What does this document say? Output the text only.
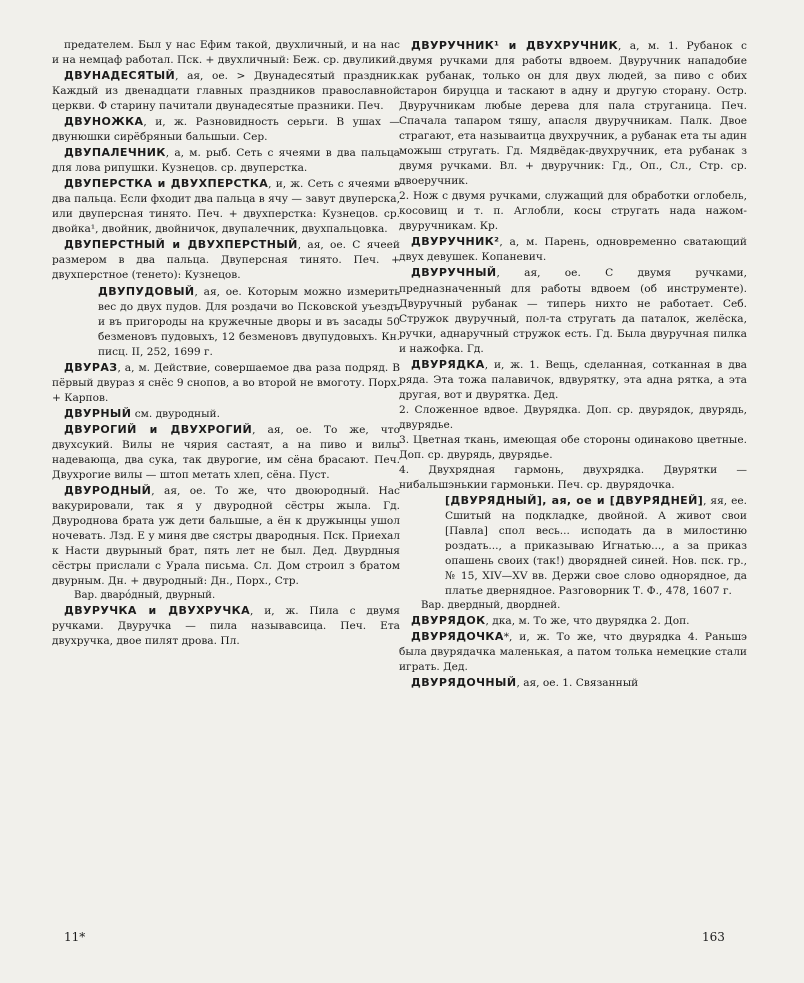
предателем. Был у нас Ефим такой, двухличный, и на нас и на немцаф работал. Пск. + двухличный: Беж. ср. двуликий.

ДВУНАДЕСЯТЫЙ, ая, ое. > Двунадесятый праздник. Каждый из двенадцати главных праздников православной церкви. Ф старину пачитали двунадесятые празники. Печ.

ДВУНОЖКА, и, ж. Разновидность серьги. В ушах — двунюшки сирёбряныи бальшыи. Сер.

ДВУПАЛЕЧНИК, а, м. рыб. Сеть с ячеями в два пальца для лова рипушки. Кузнецов. ср. двуперстка.

ДВУПЕРСТКА и ДВУХПЕРСТКА, и, ж. Сеть с ячеями в два пальца. Если фходит два пальца в ячу — завут двуперска, или двуперсная тинято. Печ. + двухперстка: Кузнецов. ср. двойка¹, двойник, двойничок, двупалечник, двухпальцовка.

ДВУПЕРСТНЫЙ и ДВУХПЕРСТНЫЙ, ая, ое. С ячеей размером в два пальца. Двуперсная тинято. Печ. + двухперстное (тенето): Кузнецов.

ДВУПУДОВЫЙ, ая, ое. Которым можно измерить вес до двух пудов. Для роздачи во Псковской уъездъ и въ пригороды на кружечные дворы и въ засады 50 безменовъ пудовыхъ, 12 безменовъ двупудовыхъ. Кн. писц. II, 252, 1699 г.

ДВУРАЗ, а, м. Действие, совершаемое два раза подряд. В пёрвый двураз я снёс 9 снопов, а во второй не вмоготу. Порх. + Карпов.

ДВУРНЫЙ см. двуродный.

ДВУРОГИЙ и ДВУХРОГИЙ, ая, ое. То же, что двухсукий. Вилы не чярия састаят, а на пиво и вилы надевающа, два сука, так двурогие, им сёна брасают. Печ. Двухрогие вилы — штоп метать хлеп, сёна. Пуст.

ДВУРОДНЫЙ, ая, ое. То же, что двоюродный. Нас вакурировали, так я у двуродной сёстры жыла. Гд. Двуроднова брата уж дети бальшые, а ён к дружынцы ушол ночевать. Лзд. Е у миня две сястры двародныя. Пск. Приехал к Насти двурыный брат, пять лет не был. Дед. Двурдныя сёстры прислали с Урала письма. Сл. Дом строил з братом двурным. Дн. + двуродный: Дн., Порх., Стр.

Вар. дваро́дный, двурный.

ДВУРУЧКА и ДВУХРУЧКА, и, ж. Пила с двумя ручками. Двуручка — пила называвсица. Печ. Ета двухручка, двое пилят дрова. Пл.

ДВУРУЧНИК¹ и ДВУХРУЧНИК, а, м. 1. Рубанок с двумя ручками для работы вдвоем. Двуручник нападобие как рубанак, только он для двух людей, за пиво с обих старон бируцца и таскают в адну и другую сторану. Остр. Двуручникам любые дерева для пала струганица. Печ. Спачала тапаром тяшу, апасля двуручникам. Палк. Двое страгают, ета называитца двухручник, а рубанак ета ты адин можыш стругать. Гд. Мядвёдак-двухручник, ета рубанак з двумя ручками. Вл. + двуручник: Гд., Оп., Сл., Стр. ср. двоеручник.

2. Нож с двумя ручками, служащий для обработки оглобель, косовищ и т. п. Аглобли, косы стругать нада нажом-двуручникам. Кр.

ДВУРУЧНИК², а, м. Парень, одновременно сватающий двух девушек. Копаневич.

ДВУРУЧНЫЙ, ая, ое. С двумя ручками, предназначенный для работы вдвоем (об инструменте). Двуручный рубанак — типерь нихто не работает. Себ. Стружок двуручный, пол-та стругать да паталок, желёска, ручки, аднаручный стружок есть. Гд. Была двуручная пилка и нажофка. Гд.

ДВУРЯДКА, и, ж. 1. Вещь, сделанная, сотканная в два ряда. Эта тожа палавичок, вдвурятку, эта адна рятка, а эта другая, вот и двурятка. Дед.

2. Сложенное вдвое. Двурядка. Доп. ср. двурядок, двурядь, двурядье.

3. Цветная ткань, имеющая обе стороны одинаково цветные. Доп. ср. двурядь, двурядье.

4. Двухрядная гармонь, двухрядка. Двурятки — нибальшэнькии гармоньки. Печ. ср. двурядочка.

[ДВУРЯДНЫЙ], ая, ое и [ДВУРЯДНЕЙ], яя, ее. Сшитый на подкладке, двойной. А живот свои [Павла] спол весь... исподать да в милостиню роздать..., а приказываю Игнатью..., а за приказ опашень своих (так!) дворядней синей. Нов. пск. гр., № 15, XIV—XV вв. Держи свое слово однорядное, да платье двернядное. Разговорник Т. Ф., 478, 1607 г.

Вар. двердный, двордней.

ДВУРЯДОК, дка, м. То же, что двурядка 2. Доп.

ДВУРЯДОЧКА*, и, ж. То же, что двурядка 4. Раньшэ была двурядачка маленькая, а патом толька немецкие стали играть. Дед.

ДВУРЯДОЧНЫЙ, ая, ое. 1. Связанный

11*	163
